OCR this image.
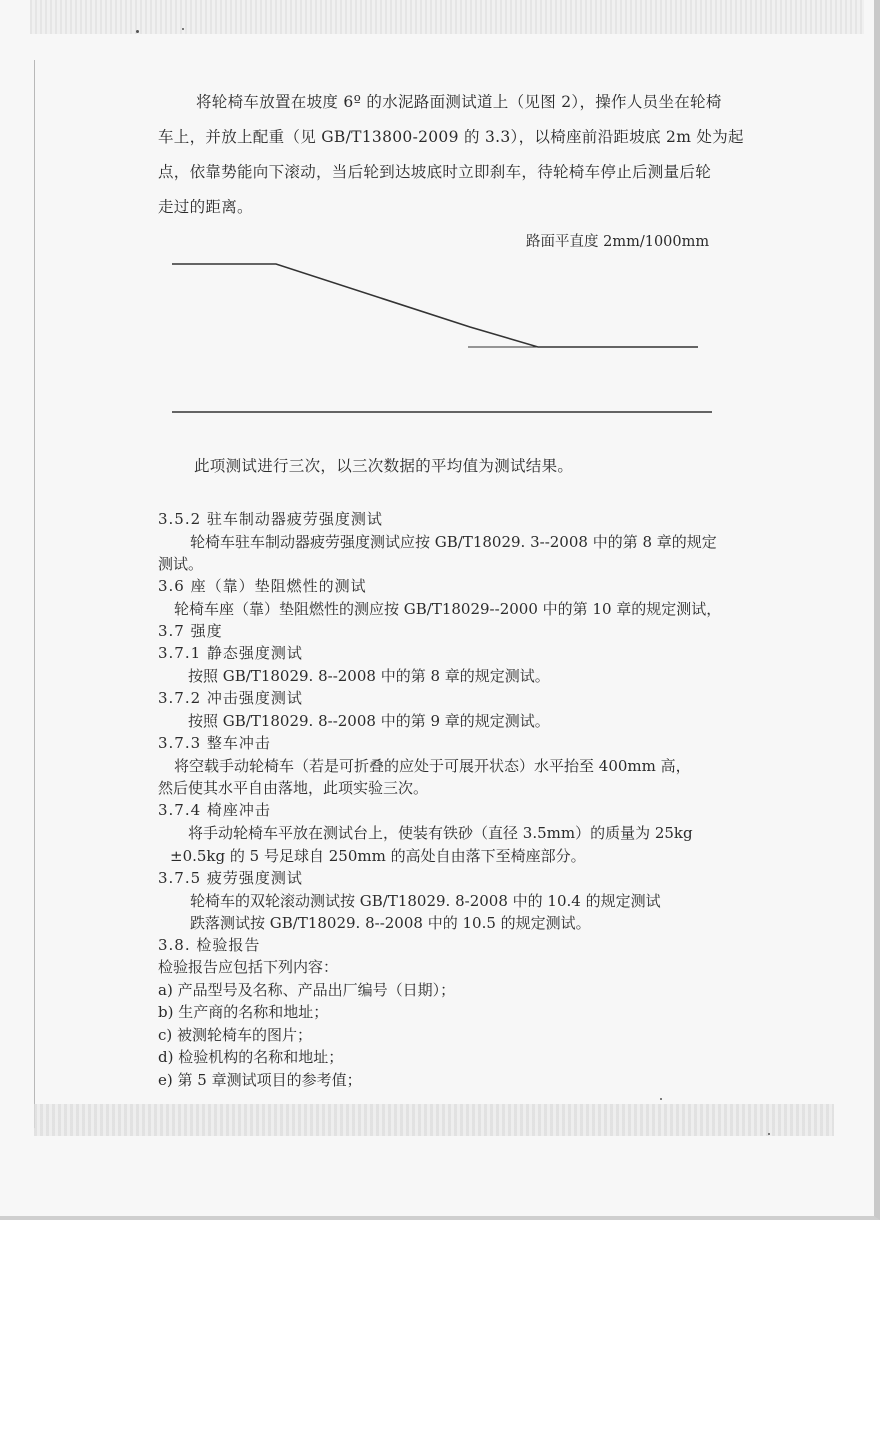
将轮椅车放置在坡度 6º 的水泥路面测试道上（见图 2），操作人员坐在轮椅
车上，并放上配重（见 GB/T13800-2009 的 3.3），以椅座前沿距坡底 2m 处为起
点，依靠势能向下滚动，当后轮到达坡底时立即刹车，待轮椅车停止后测量后轮
走过的距离。
路面平直度 2mm/1000mm
此项测试进行三次，以三次数据的平均值为测试结果。
3.5.2 驻车制动器疲劳强度测试
轮椅车驻车制动器疲劳强度测试应按 GB/T18029. 3--2008 中的第 8 章的规定
测试。
3.6 座（靠）垫阻燃性的测试
轮椅车座（靠）垫阻燃性的测应按 GB/T18029--2000 中的第 10 章的规定测试，
3.7 强度
3.7.1 静态强度测试
按照 GB/T18029. 8--2008 中的第 8 章的规定测试。
3.7.2 冲击强度测试
按照 GB/T18029. 8--2008 中的第 9 章的规定测试。
3.7.3 整车冲击
将空载手动轮椅车（若是可折叠的应处于可展开状态）水平抬至 400mm 高，
然后使其水平自由落地，此项实验三次。
3.7.4 椅座冲击
将手动轮椅车平放在测试台上，使装有铁砂（直径 3.5mm）的质量为 25kg
±0.5kg 的 5 号足球自 250mm 的高处自由落下至椅座部分。
3.7.5 疲劳强度测试
轮椅车的双轮滚动测试按 GB/T18029. 8-2008 中的 10.4 的规定测试
跌落测试按 GB/T18029. 8--2008 中的 10.5 的规定测试。
3.8. 检验报告
检验报告应包括下列内容：
a) 产品型号及名称、产品出厂编号（日期）；
b) 生产商的名称和地址；
c) 被测轮椅车的图片；
d) 检验机构的名称和地址；
e) 第 5 章测试项目的参考值；
